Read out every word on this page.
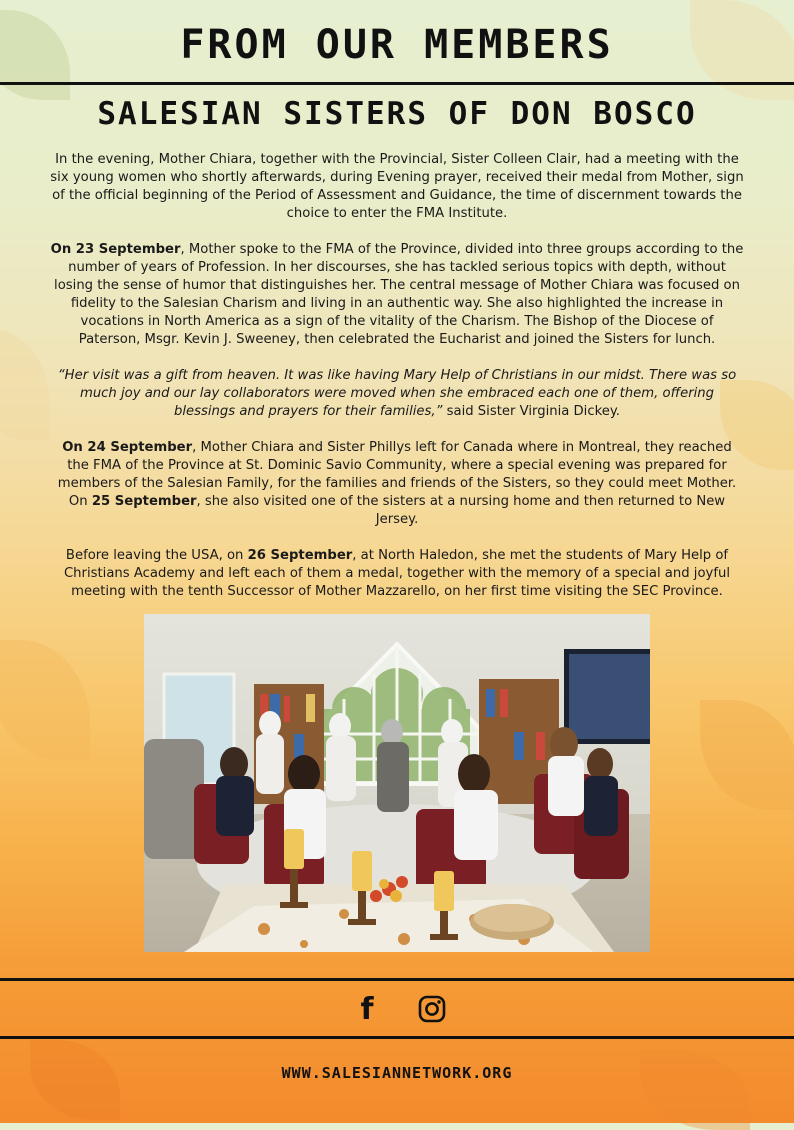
FROM OUR MEMBERS
SALESIAN SISTERS OF DON BOSCO

In the evening, Mother Chiara, together with the Provincial, Sister Colleen Clair, had a meeting with the six young women who shortly afterwards, during Evening prayer, received their medal from Mother, sign of the official beginning of the Period of Assessment and Guidance, the time of discernment towards the choice to enter the FMA Institute.

On 23 September, Mother spoke to the FMA of the Province, divided into three groups according to the number of years of Profession. In her discourses, she has tackled serious topics with depth, without losing the sense of humor that distinguishes her. The central message of Mother Chiara was focused on fidelity to the Salesian Charism and living in an authentic way. She also highlighted the increase in vocations in North America as a sign of the vitality of the Charism. The Bishop of the Diocese of Paterson, Msgr. Kevin J. Sweeney, then celebrated the Eucharist and joined the Sisters for lunch.

“Her visit was a gift from heaven. It was like having Mary Help of Christians in our midst. There was so much joy and our lay collaborators were moved when she embraced each one of them, offering blessings and prayers for their families,” said Sister Virginia Dickey.

On 24 September, Mother Chiara and Sister Phillys left for Canada where in Montreal, they reached the FMA of the Province at St. Dominic Savio Community, where a special evening was prepared for members of the Salesian Family, for the families and friends of the Sisters, so they could meet Mother. On 25 September, she also visited one of the sisters at a nursing home and then returned to New Jersey.

Before leaving the USA, on 26 September, at North Haledon, she met the students of Mary Help of Christians Academy and left each of them a medal, together with the memory of a special and joyful meeting with the tenth Successor of Mother Mazzarello, on her first time visiting the SEC Province.

f
WWW.SALESIANNETWORK.ORG
